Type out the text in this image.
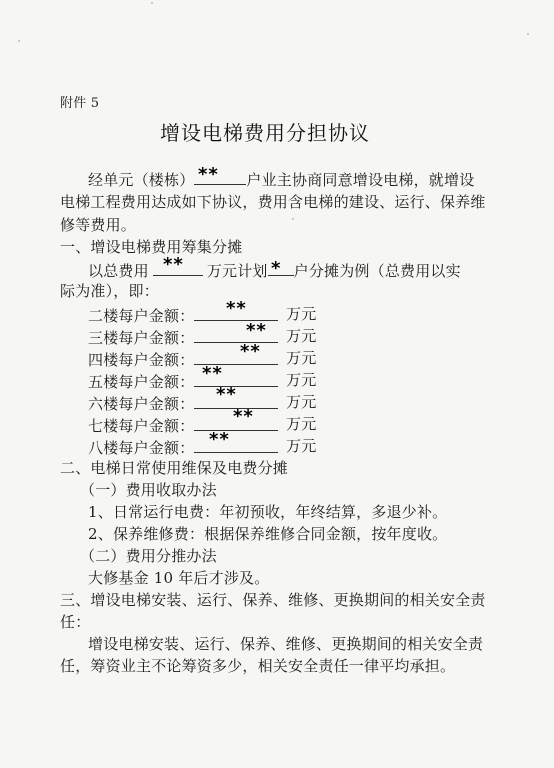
附件 5
增设电梯费用分担协议
经单元（楼栋）	户业主协商同意增设电梯，就增设
**
电梯工程费用达成如下协议，费用含电梯的建设、运行、保养维
修等费用。
一、增设电梯费用筹集分摊
以总费用	万元计划 户分摊为例（总费用以实
**	*
际为准），即：
二楼每户金额：	**	万元
三楼每户金额：	** 万元
四楼每户金额：	** 万元
五楼每户金额： **	万元
六楼每户金额：	**	万元
七楼每户金额：	** 万元
八楼每户金额： **	万元
二、电梯日常使用维保及电费分摊
（一）费用收取办法
1、日常运行电费：年初预收，年终结算，多退少补。
2、保养维修费：根据保养维修合同金额，按年度收。
（二）费用分推办法
大修基金 10 年后才涉及。
三、增设电梯安装、运行、保养、维修、更换期间的相关安全责
任：
增设电梯安装、运行、保养、维修、更换期间的相关安全责
任，筹资业主不论筹资多少，相关安全责任一律平均承担。
